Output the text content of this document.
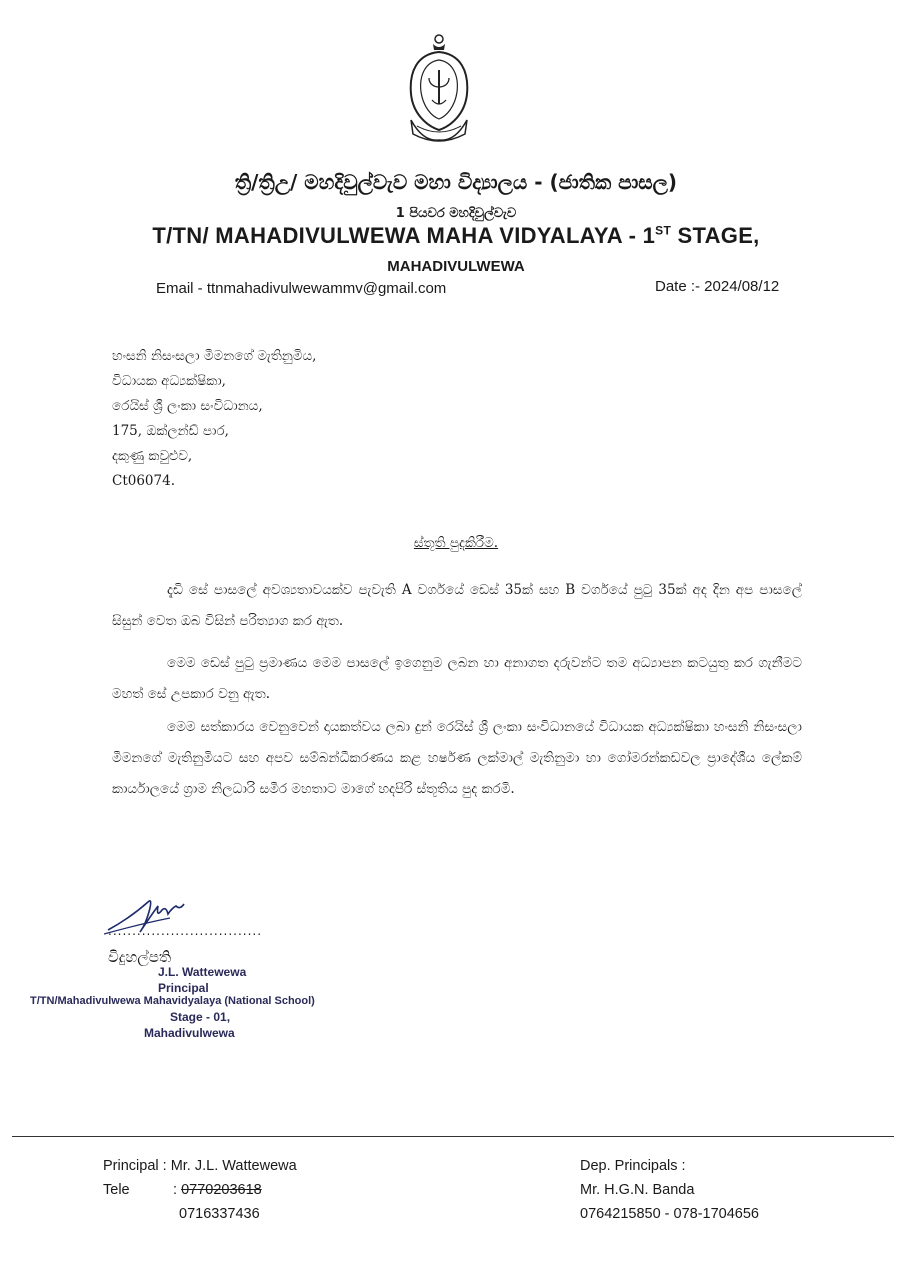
ත්‍රි/ත්‍රිඋ/ මහදිවුල්වැව මහා විද්‍යාලය - (ජාතික පාසල)
1 පියවර මහදිවුල්වැව
T/TN/ MAHADIVULWEWA MAHA VIDYALAYA - 1ST STAGE,
MAHADIVULWEWA
Email - ttnmahadivulwewammv@gmail.com	Date :- 2024/08/12
හංසනි නිසංසලා මීමනගේ මැතිනුමිය,
විධායක අධ්‍යක්ෂිකා,
රෙයිස් ශ්‍රී ලංකා සංවිධානය,
175, ඔක්ලන්ඩ් පාර,
දකුණු කවුළුව,
Ct06074.
ස්තූති පුදකිරීම.
දැඩි සේ පාසලේ අවශ්‍යතාවයක්ව පැවැති A වර්ගයේ ඩෙස් 35ක් සහ B වර්ගයේ පුටු 35ක් අද දින අප පාසලේ සිසුන් වෙත ඔබ විසින් පරිත්‍යාග කර ඇත.
මෙම ඩෙස් පුටු ප්‍රමාණය මෙම පාසලේ ඉගෙනුම ලබන හා අනාගත දරුවන්ට තම අධ්‍යාපන කටයුතු කර ගැනීමට මහත් සේ උපකාර වනු ඇත.
මෙම සත්කාරය වෙනුවෙන් දායකත්වය ලබා දුන් රෙයිස් ශ්‍රී ලංකා සංවිධානයේ විධායක අධ්‍යක්ෂිකා හංසනි නිසංසලා මීමනගේ මැතිනුමියට සහ අපව සම්බන්ධීකරණය කළ හර්ෂණ ලක්මාල් මැතිනුමා හා ගෝමරන්කඩවල ප්‍රාදේශීය ලේකම් කාර්යාලයේ ග්‍රාම නිලධාරි සමීර මහතාට මාගේ හදපිරි ස්තූතිය පුද කරමි.
................................
විදුහල්පති
J.L. Wattewewa
Principal
T/TN/Mahadivulwewa Mahavidyalaya (National School)
Stage - 01,
Mahadivulwewa
Principal : Mr. J.L. Wattewewa
Tele	: 0770203618
0716337436
Dep. Principals :
Mr. H.G.N. Banda
0764215850 - 078-1704656
